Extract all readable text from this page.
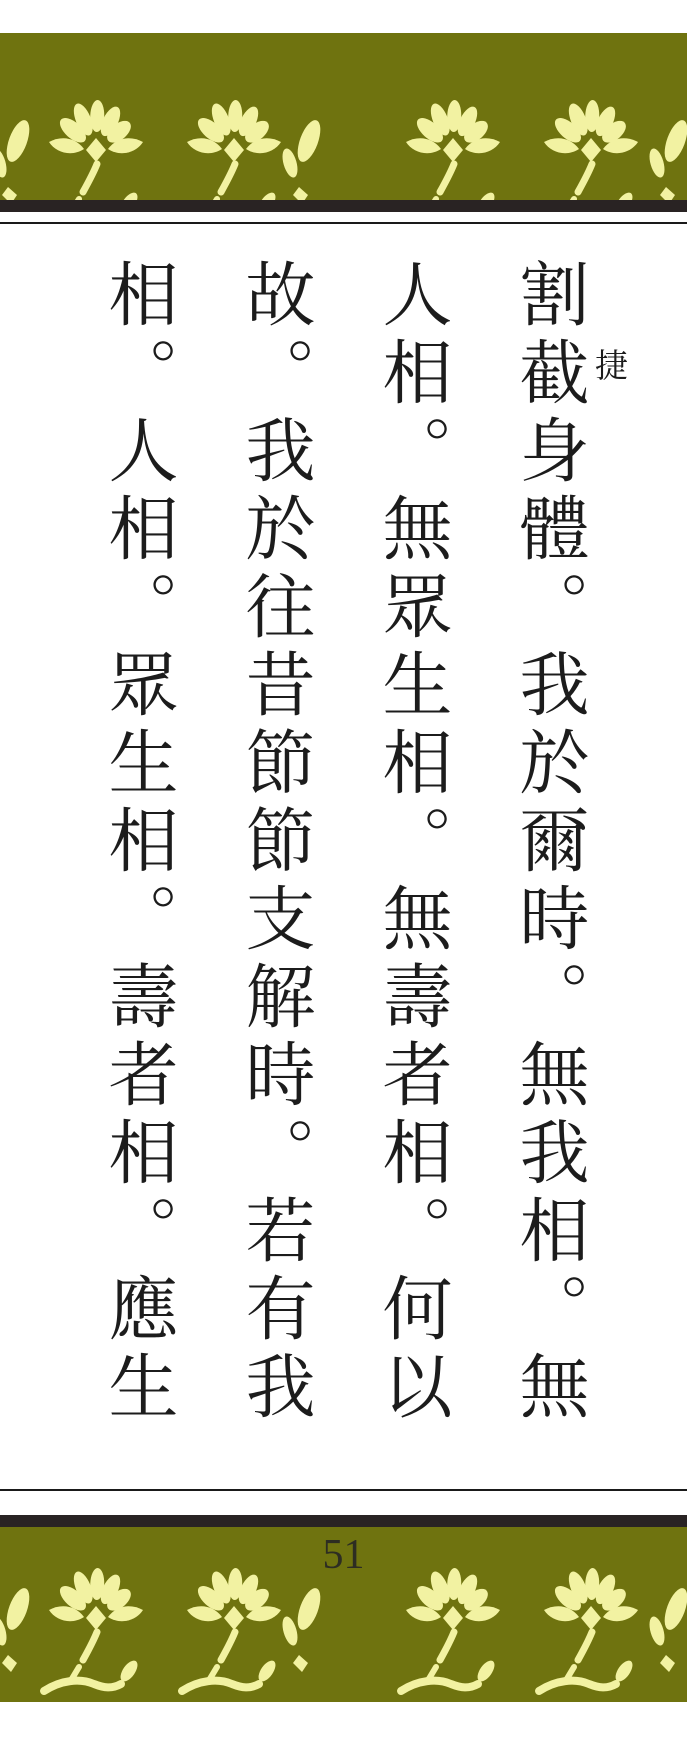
割截身體。我於爾時。無我相。無
人相。無眾生相。無壽者相。何以
故。我於往昔節節支解時。若有我
相。人相。眾生相。壽者相。應生	捷
51
